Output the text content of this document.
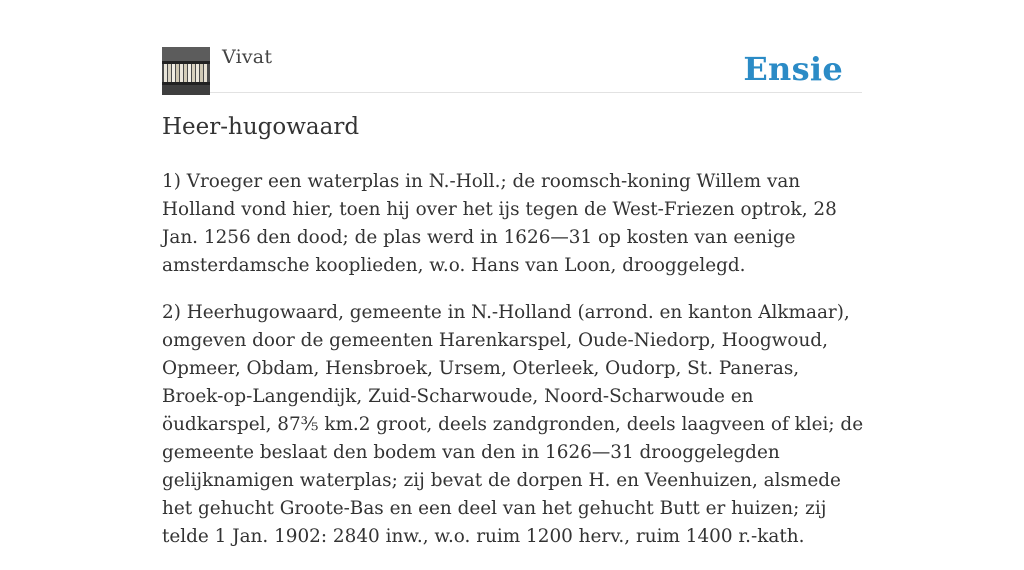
Vivat	Ensie
Heer-hugowaard

1) Vroeger een waterplas in N.-Holl.; de roomsch-koning Willem van Holland vond hier, toen hij over het ijs tegen de West-Friezen optrok, 28 Jan. 1256 den dood; de plas werd in 1626—31 op kosten van eenige amsterdamsche kooplieden, w.o. Hans van Loon, drooggelegd.

2) Heerhugowaard, gemeente in N.-Holland (arrond. en kanton Alkmaar), omgeven door de gemeenten Harenkarspel, Oude-Niedorp, Hoogwoud, Opmeer, Obdam, Hensbroek, Ursem, Oterleek, Oudorp, St. Paneras, Broek-op-Langendijk, Zuid-Scharwoude, Noord-Scharwoude en öudkarspel, 87⅗ km.2 groot, deels zandgronden, deels laagveen of klei; de gemeente beslaat den bodem van den in 1626—31 drooggelegden gelijknamigen waterplas; zij bevat de dorpen H. en Veenhuizen, alsmede het gehucht Groote-Bas en een deel van het gehucht Butt er huizen; zij telde 1 Jan. 1902: 2840 inw., w.o. ruim 1200 herv., ruim 1400 r.-kath.
